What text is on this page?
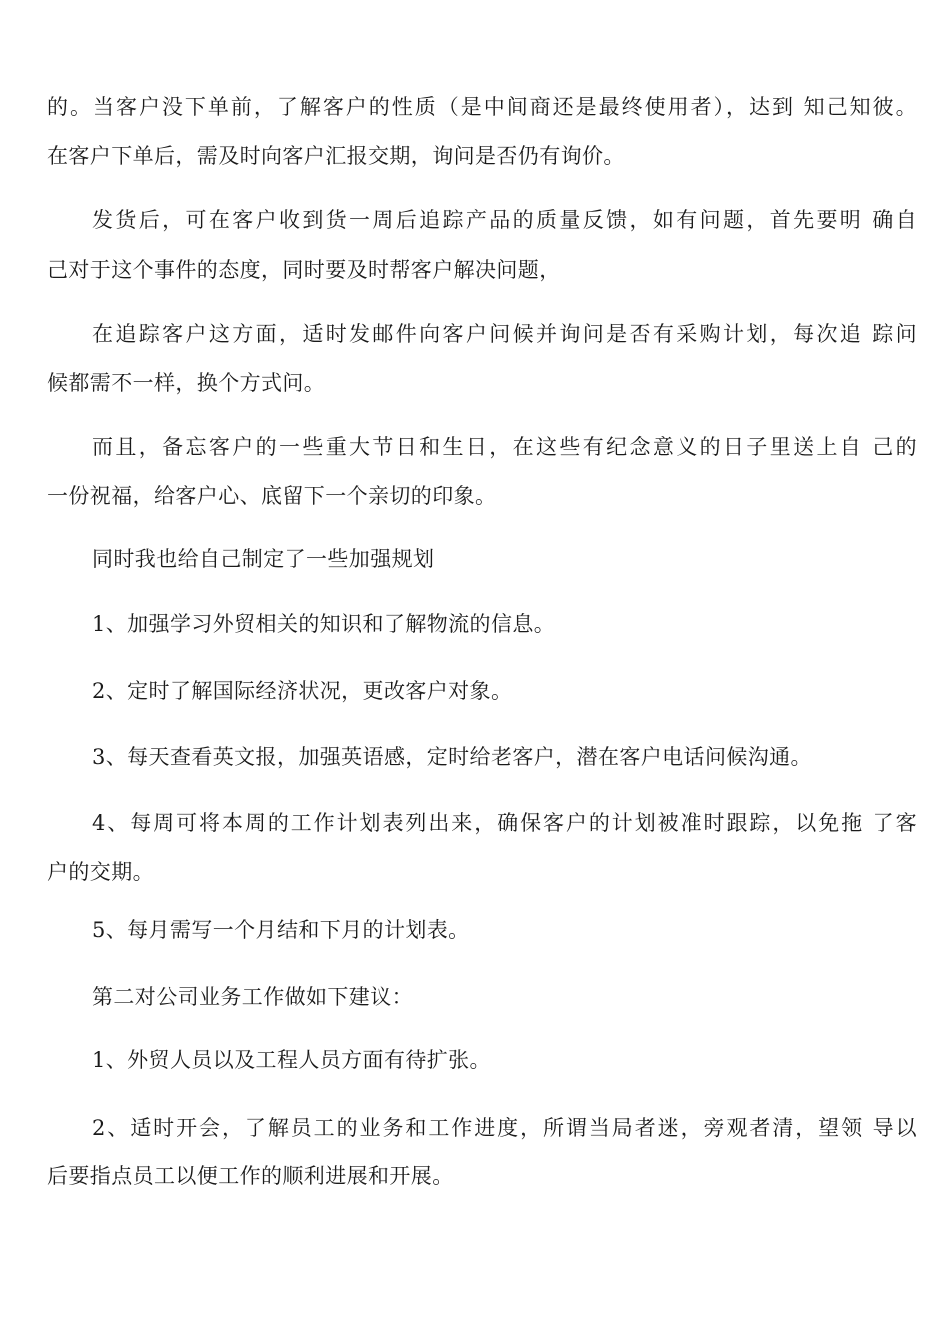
的。当客户没下单前，了解客户的性质（是中间商还是最终使用者），达到 知己知彼。
在客户下单后，需及时向客户汇报交期，询问是否仍有询价。
发货后，可在客户收到货一周后追踪产品的质量反馈，如有问题，首先要明 确自
己对于这个事件的态度，同时要及时帮客户解决问题，
在追踪客户这方面，适时发邮件向客户问候并询问是否有采购计划，每次追 踪问
候都需不一样，换个方式问。
而且，备忘客户的一些重大节日和生日，在这些有纪念意义的日子里送上自 己的
一份祝福，给客户心、底留下一个亲切的印象。
同时我也给自己制定了一些加强规划
1、加强学习外贸相关的知识和了解物流的信息。
2、定时了解国际经济状况，更改客户对象。
3、每天查看英文报，加强英语感，定时给老客户，潜在客户电话问候沟通。
4、每周可将本周的工作计划表列出来，确保客户的计划被准时跟踪，以免拖 了客
户的交期。
5、每月需写一个月结和下月的计划表。
第二对公司业务工作做如下建议：
1、外贸人员以及工程人员方面有待扩张。
2、适时开会，了解员工的业务和工作进度，所谓当局者迷，旁观者清，望领 导以
后要指点员工以便工作的顺利进展和开展。
